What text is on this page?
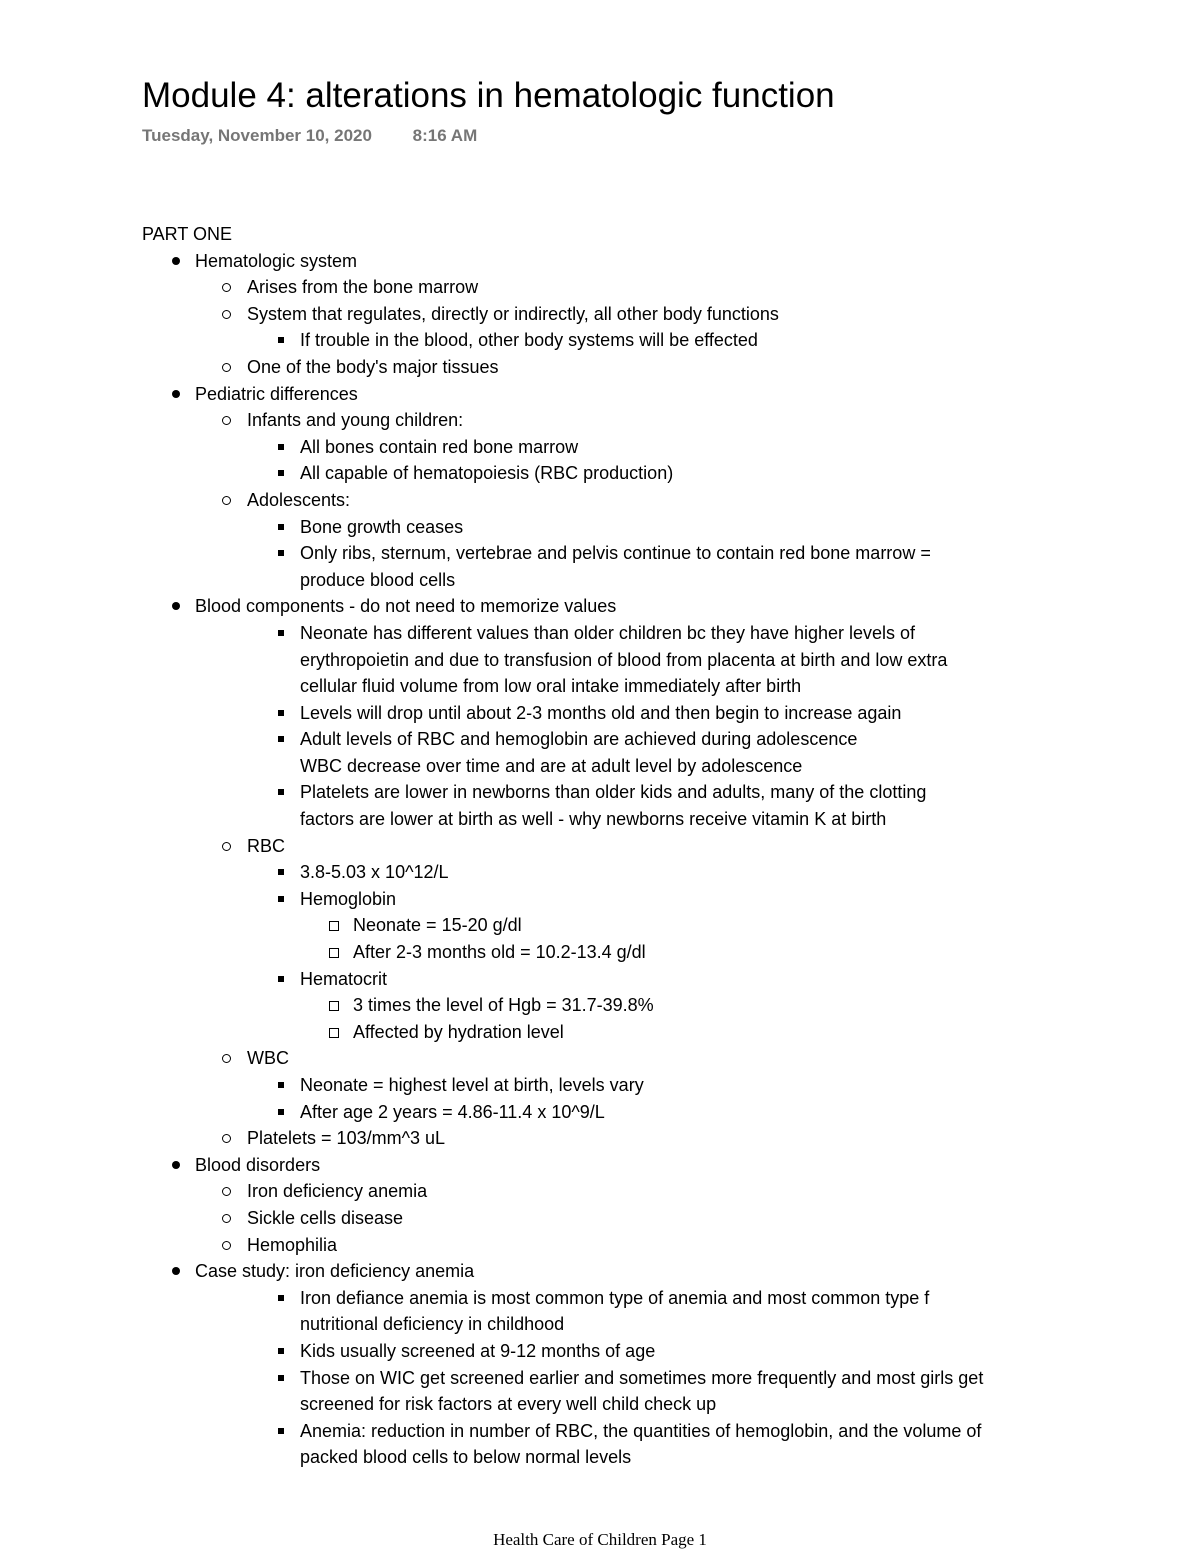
Module 4: alterations in hematologic function
Tuesday, November 10, 2020 8:16 AM
PART ONE
Hematologic system
Arises from the bone marrow
System that regulates, directly or indirectly, all other body functions
If trouble in the blood, other body systems will be effected
One of the body's major tissues
Pediatric differences
Infants and young children:
All bones contain red bone marrow
All capable of hematopoiesis (RBC production)
Adolescents:
Bone growth ceases
Only ribs, sternum, vertebrae and pelvis continue to contain red bone marrow =
produce blood cells
Blood components - do not need to memorize values
Neonate has different values than older children bc they have higher levels of
erythropoietin and due to transfusion of blood from placenta at birth and low extra
cellular fluid volume from low oral intake immediately after birth
Levels will drop until about 2-3 months old and then begin to increase again
Adult levels of RBC and hemoglobin are achieved during adolescence
WBC decrease over time and are at adult level by adolescence
Platelets are lower in newborns than older kids and adults, many of the clotting
factors are lower at birth as well - why newborns receive vitamin K at birth
RBC
3.8-5.03 x 10^12/L
Hemoglobin
Neonate = 15-20 g/dl
After 2-3 months old = 10.2-13.4 g/dl
Hematocrit
3 times the level of Hgb = 31.7-39.8%
Affected by hydration level
WBC
Neonate = highest level at birth, levels vary
After age 2 years = 4.86-11.4 x 10^9/L
Platelets = 103/mm^3 uL
Blood disorders
Iron deficiency anemia
Sickle cells disease
Hemophilia
Case study: iron deficiency anemia
Iron defiance anemia is most common type of anemia and most common type f
nutritional deficiency in childhood
Kids usually screened at 9-12 months of age
Those on WIC get screened earlier and sometimes more frequently and most girls get
screened for risk factors at every well child check up
Anemia: reduction in number of RBC, the quantities of hemoglobin, and the volume of
packed blood cells to below normal levels
Health Care of Children Page 1
